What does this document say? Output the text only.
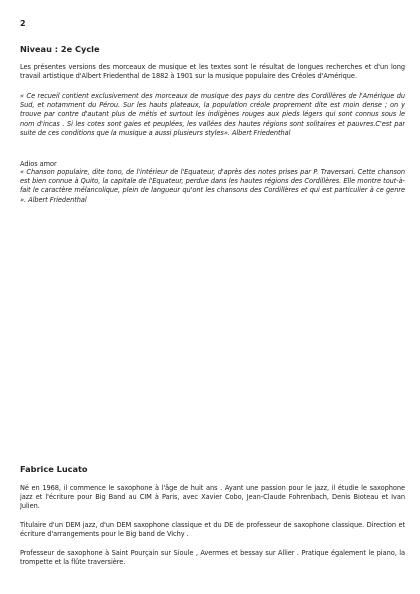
2
Niveau : 2e Cycle
Les présentes versions des morceaux de musique et les textes sont le résultat de longues recherches et d'un long travail artistique d'Albert Friedenthal de 1882 à 1901 sur la musique populaire des Créoles d'Amérique.
« Ce recueil contient exclusivement des morceaux de musique des pays du centre des Cordillères de l'Amérique du Sud, et notamment du Pérou. Sur les hauts plateaux, la population créole proprement dite est moin dense ; on y trouve par contre d'autant plus de métis et surtout les indigènes rouges aux pieds légers qui sont connus sous le nom d'incas . Si les cotes sont gaies et peuplées, les vallées des hautes régions sont solitaires et pauvres.C'est par suite de ces conditions que la musique a aussi plusieurs styles». Albert Friedenthal
Adios amor
« Chanson populaire, dite tono, de l'intérieur de l'Equateur, d'après des notes prises par P. Traversari. Cette chanson est bien connue à Quito, la capitale de l'Equateur, perdue dans les hautes régions des Cordillères. Elle montre tout-à-fait le caractère mélancolique, plein de langueur qu'ont les chansons des Cordillères et qui est particulier à ce genre ». Albert Friedenthal
Fabrice Lucato
Né en 1968, il commence le saxophone à l'âge de huit ans . Ayant une passion pour le jazz, il étudie le saxophone jazz et l'écriture pour Big Band au CIM à Paris, avec Xavier Cobo, Jean-Claude Fohrenbach, Denis Bioteau et Ivan Julien.
Titulaire d'un DEM jazz, d'un DEM saxophone classique et du DE de professeur de saxophone classique. Direction et écriture d'arrangements pour le Big band de Vichy .
Professeur de saxophone à Saint Pourçain sur Sioule , Avermes et bessay sur Allier . Pratique également le piano, la trompette et la flûte traversière.
